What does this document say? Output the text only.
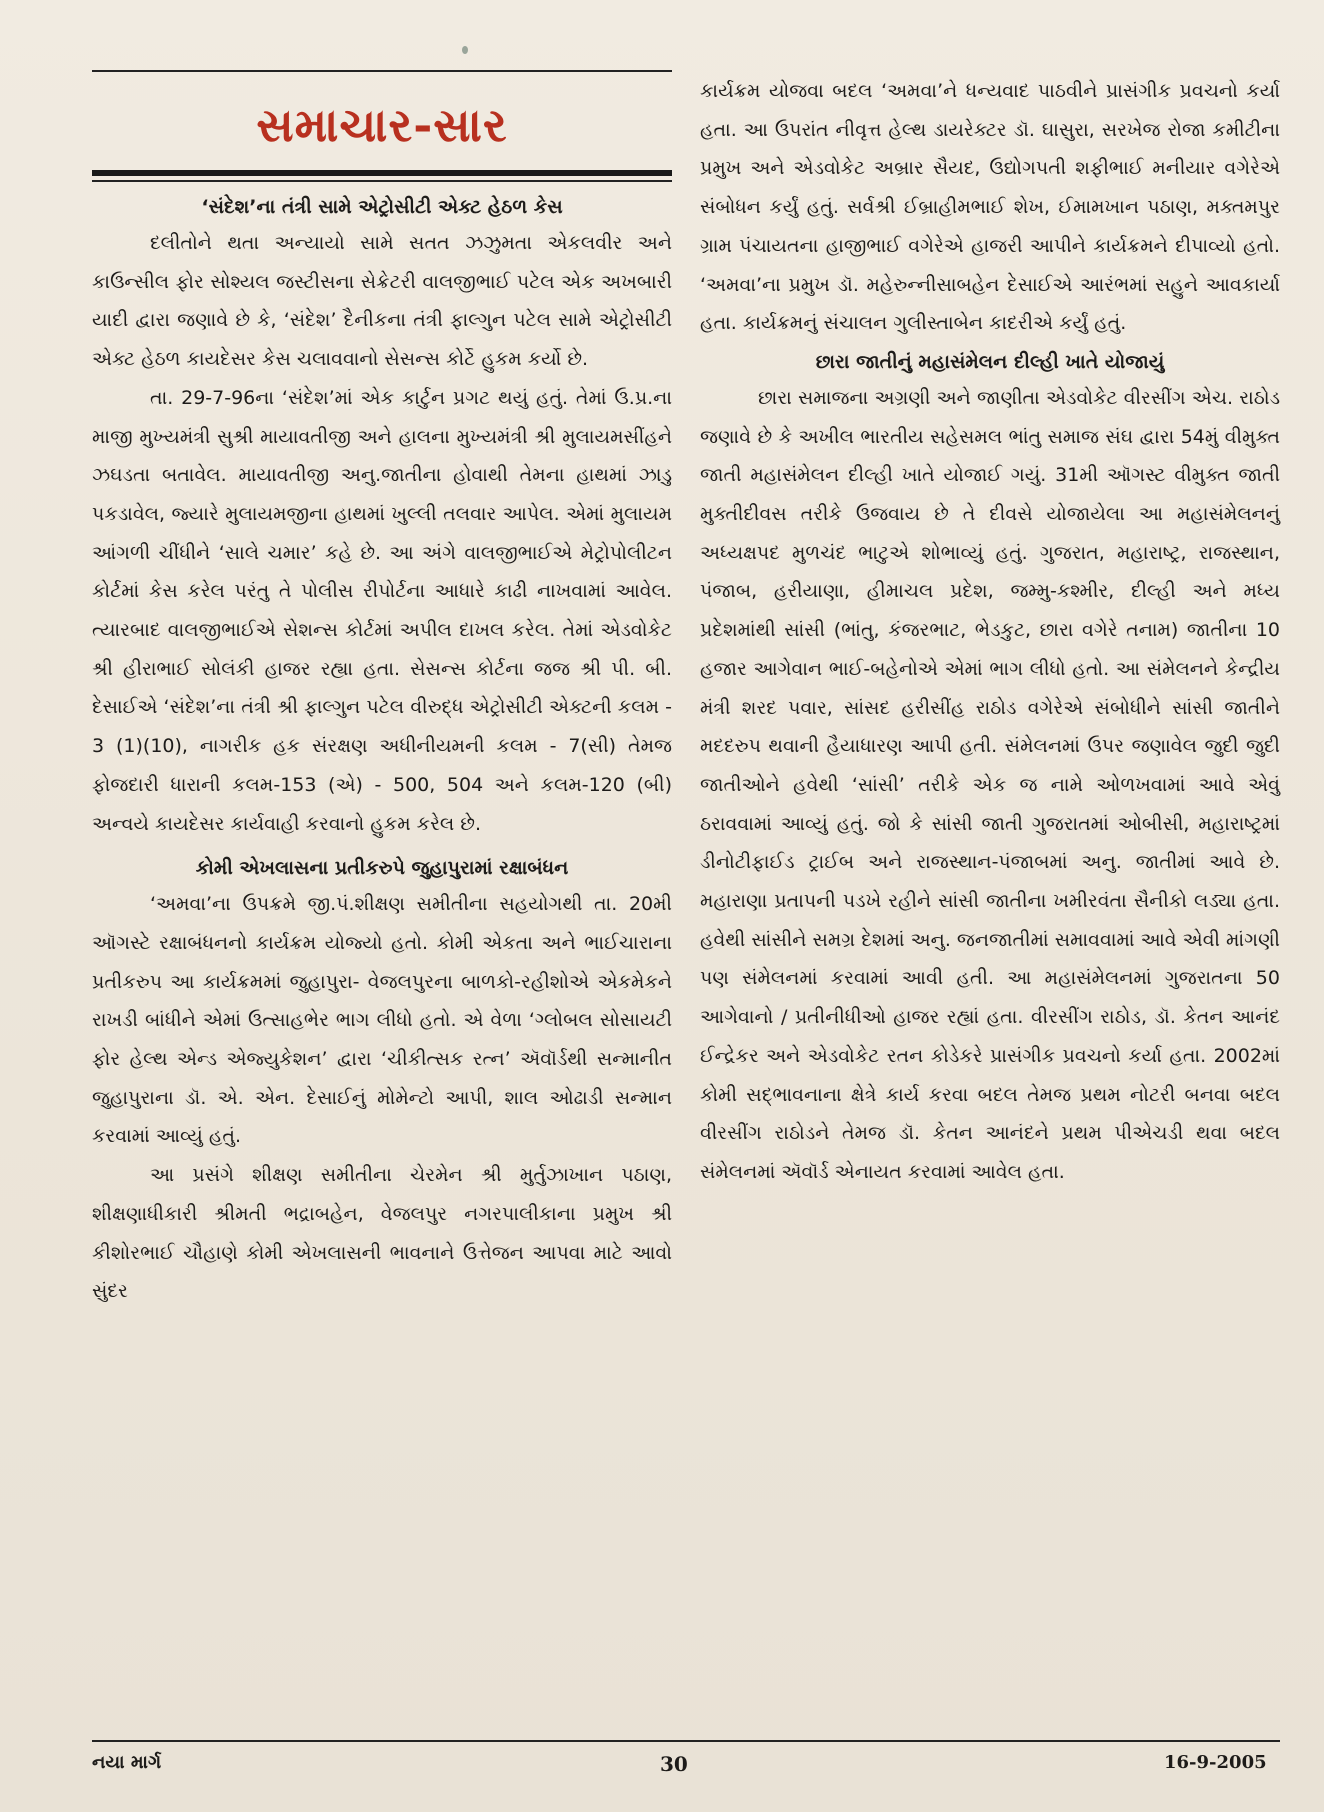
સમાચાર-સાર
‘સંદેશ’ના તંત્રી સામે એટ્રોસીટી એક્ટ હેઠળ કેસ

દલીતોને થતા અન્યાયો સામે સતત ઝઝુમતા એકલવીર અને કાઉન્સીલ ફોર સોશ્યલ જસ્ટીસના સેક્રેટરી વાલજીભાઈ પટેલ એક અખબારી યાદી દ્વારા જણાવે છે કે, ‘સંદેશ’ દૈનીકના તંત્રી ફાલ્ગુન પટેલ સામે એટ્રોસીટી એક્ટ હેઠળ કાયદેસર કેસ ચલાવવાનો સેસન્સ કોર્ટે હુકમ કર્યો છે.

તા. 29-7-96ના ‘સંદેશ’માં એક કાર્ટુન પ્રગટ થયું હતું. તેમાં ઉ.પ્ર.ના માજી મુખ્યમંત્રી સુશ્રી માયાવતીજી અને હાલના મુખ્યમંત્રી શ્રી મુલાયમસીંહને ઝઘડતા બતાવેલ. માયાવતીજી અનુ.જાતીના હોવાથી તેમના હાથમાં ઝાડુ પકડાવેલ, જ્યારે મુલાયમજીના હાથમાં ખુલ્લી તલવાર આપેલ. એમાં મુલાયમ આંગળી ચીંધીને ‘સાલે ચમાર’ કહે છે. આ અંગે વાલજીભાઈએ મેટ્રોપોલીટન કોર્ટમાં કેસ કરેલ પરંતુ તે પોલીસ રીપોર્ટના આધારે કાઢી નાખવામાં આવેલ. ત્યારબાદ વાલજીભાઈએ સેશન્સ કોર્ટમાં અપીલ દાખલ કરેલ. તેમાં એડવોકેટ શ્રી હીરાભાઈ સોલંકી હાજર રહ્યા હતા. સેસન્સ કોર્ટના જજ શ્રી પી. બી. દેસાઈએ ‘સંદેશ’ના તંત્રી શ્રી ફાલ્ગુન પટેલ વીરુદ્ધ એટ્રોસીટી એક્ટની કલમ - 3 (1)(10), નાગરીક હક સંરક્ષણ અધીનીયમની કલમ - 7(સી) તેમજ ફોજદારી ધારાની કલમ-153 (એ) - 500, 504 અને કલમ-120 (બી) અન્વયે કાયદેસર કાર્યવાહી કરવાનો હુકમ કરેલ છે.

કોમી એખલાસના પ્રતીકરુપે જુહાપુરામાં રક્ષાબંધન

‘અમવા’ના ઉપક્રમે જી.પં.શીક્ષણ સમીતીના સહયોગથી તા. 20મી ઑગસ્ટે રક્ષાબંધનનો કાર્યક્રમ યોજ્યો હતો. કોમી એકતા અને ભાઈચારાના પ્રતીકરુપ આ કાર્યક્રમમાં જુહાપુરા- વેજલપુરના બાળકો-રહીશોએ એકમેકને રાખડી બાંધીને એમાં ઉત્સાહભેર ભાગ લીધો હતો. એ વેળા ‘ગ્લોબલ સોસાયટી ફોર હેલ્થ એન્ડ એજ્યુકેશન’ દ્વારા ‘ચીકીત્સક રત્ન’ ઍવૉર્ડથી સન્માનીત જુહાપુરાના ડૉ. એ. એન. દેસાઈનું મોમેન્ટો આપી, શાલ ઓઢાડી સન્માન કરવામાં આવ્યું હતું.

આ પ્રસંગે શીક્ષણ સમીતીના ચેરમેન શ્રી મુર્તુઝાખાન પઠાણ, શીક્ષણાધીકારી શ્રીમતી ભદ્રાબહેન, વેજલપુર નગરપાલીકાના પ્રમુખ શ્રી કીશોરભાઈ ચૌહાણે કોમી એખલાસની ભાવનાને ઉત્તેજન આપવા માટે આવો સુંદર

કાર્યક્રમ યોજવા બદલ ‘અમવા’ને ધન્યવાદ પાઠવીને પ્રાસંગીક પ્રવચનો કર્યા હતા. આ ઉપરાંત નીવૃત્ત હેલ્થ ડાયરેક્ટર ડૉ. ઘાસુરા, સરખેજ રોજા કમીટીના પ્રમુખ અને એડવોકેટ અબ્રાર સૈયદ, ઉદ્યોગપતી શફીભાઈ મનીયાર વગેરેએ સંબોધન કર્યું હતું. સર્વશ્રી ઈબ્રાહીમભાઈ શેખ, ઈમામખાન પઠાણ, મક્તમપુર ગ્રામ પંચાયતના હાજીભાઈ વગેરેએ હાજરી આપીને કાર્યક્રમને દીપાવ્યો હતો. ‘અમવા’ના પ્રમુખ ડૉ. મહેરુન્નીસાબહેન દેસાઈએ આરંભમાં સહુને આવકાર્યા હતા. કાર્યક્રમનું સંચાલન ગુલીસ્તાબેન કાદરીએ કર્યું હતું.

છારા જાતીનું મહાસંમેલન દીલ્હી ખાતે યોજાયું

છારા સમાજના અગ્રણી અને જાણીતા એડવોકેટ વીરસીંગ એચ. રાઠોડ જણાવે છે કે અખીલ ભારતીય સહેસમલ ભાંતુ સમાજ સંઘ દ્વારા 54મું વીમુક્ત જાતી મહાસંમેલન દીલ્હી ખાતે યોજાઈ ગયું. 31મી ઑગસ્ટ વીમુક્ત જાતી મુક્તીદીવસ તરીકે ઉજવાય છે તે દીવસે યોજાયેલા આ મહાસંમેલનનું અધ્યક્ષપદ મુળચંદ ભાટુએ શોભાવ્યું હતું. ગુજરાત, મહારાષ્ટ્ર, રાજસ્થાન, પંજાબ, હરીયાણા, હીમાચલ પ્રદેશ, જમ્મુ-કશ્મીર, દીલ્હી અને મધ્ય પ્રદેશમાંથી સાંસી (ભાંતુ, કંજરભાટ, ભેડકુટ, છારા વગેરે તનામ) જાતીના 10 હજાર આગેવાન ભાઈ-બહેનોએ એમાં ભાગ લીધો હતો. આ સંમેલનને કેન્દ્રીય મંત્રી શરદ પવાર, સાંસદ હરીસીંહ રાઠોડ વગેરેએ સંબોધીને સાંસી જાતીને મદદરુપ થવાની હૈયાધારણ આપી હતી. સંમેલનમાં ઉપર જણાવેલ જુદી જુદી જાતીઓને હવેથી ‘સાંસી’ તરીકે એક જ નામે ઓળખવામાં આવે એવું ઠરાવવામાં આવ્યું હતું. જો કે સાંસી જાતી ગુજરાતમાં ઓબીસી, મહારાષ્ટ્રમાં ડીનોટીફાઈડ ટ્રાઈબ અને રાજસ્થાન-પંજાબમાં અનુ. જાતીમાં આવે છે. મહારાણા પ્રતાપની પડખે રહીને સાંસી જાતીના ખમીરવંતા સૈનીકો લડ્યા હતા. હવેથી સાંસીને સમગ્ર દેશમાં અનુ. જનજાતીમાં સમાવવામાં આવે એવી માંગણી પણ સંમેલનમાં કરવામાં આવી હતી. આ મહાસંમેલનમાં ગુજરાતના 50 આગેવાનો / પ્રતીનીધીઓ હાજર રહ્યાં હતા. વીરસીંગ રાઠોડ, ડૉ. કેતન આનંદ ઈન્દ્રેકર અને એડવોકેટ રતન કોડેકરે પ્રાસંગીક પ્રવચનો કર્યા હતા. 2002માં કોમી સદ્ભાવનાના ક્ષેત્રે કાર્ય કરવા બદલ તેમજ પ્રથમ નોટરી બનવા બદલ વીરસીંગ રાઠોડને તેમજ ડૉ. કેતન આનંદને પ્રથમ પીએચડી થવા બદલ સંમેલનમાં ઍવૉર્ડ એનાયત કરવામાં આવેલ હતા.

નયા માર્ગ	30	16-9-2005
